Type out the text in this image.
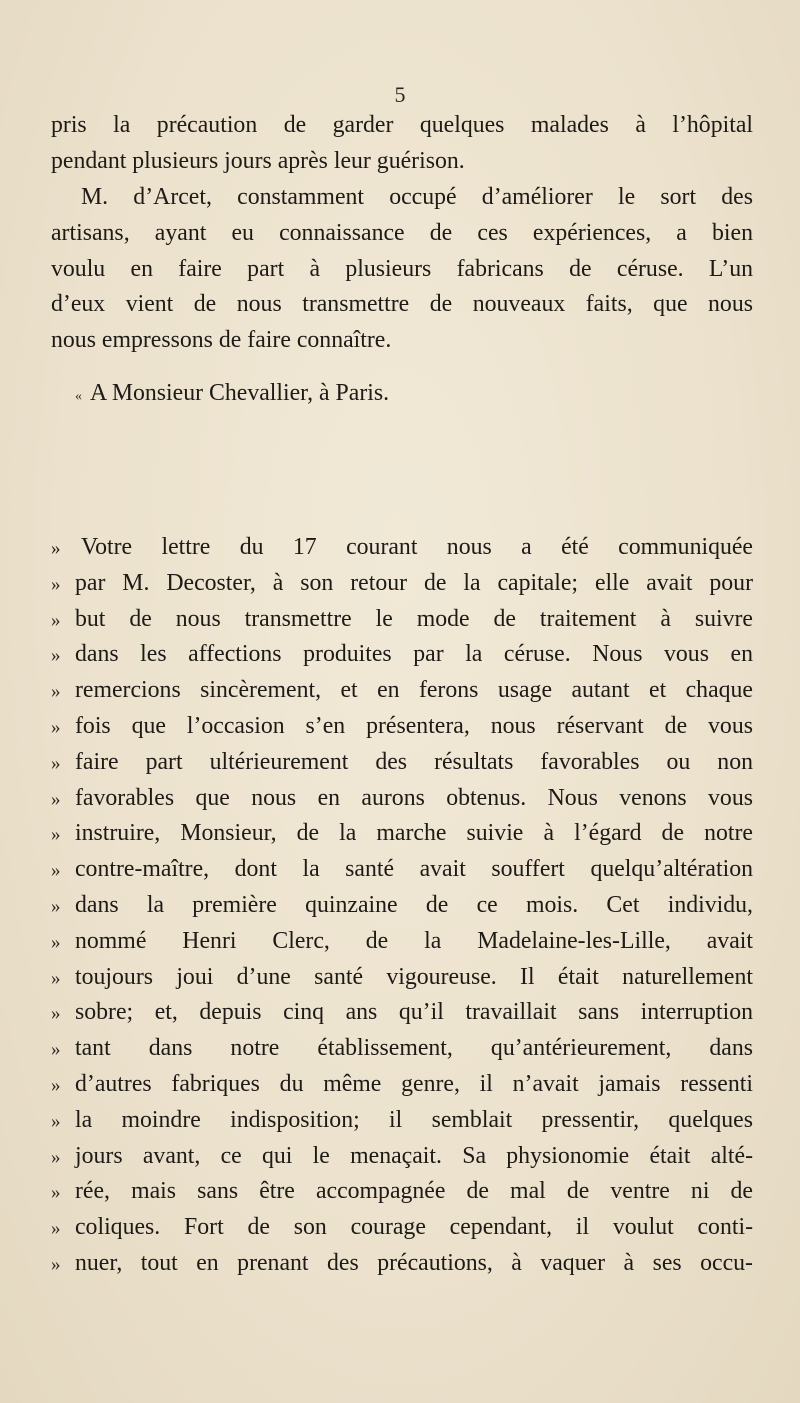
5
pris la précaution de garder quelques malades à l’hôpital
pendant plusieurs jours après leur guérison.
M. d’Arcet, constamment occupé d’améliorer le sort des
artisans, ayant eu connaissance de ces expériences, a bien
voulu en faire part à plusieurs fabricans de céruse. L’un
d’eux vient de nous transmettre de nouveaux faits, que nous
nous empressons de faire connaître.
« A Monsieur Chevallier, à Paris.
» Votre lettre du 17 courant nous a été communiquée
» par M. Decoster, à son retour de la capitale; elle avait pour
» but de nous transmettre le mode de traitement à suivre
» dans les affections produites par la céruse. Nous vous en
» remercions sincèrement, et en ferons usage autant et chaque
» fois que l’occasion s’en présentera, nous réservant de vous
» faire part ultérieurement des résultats favorables ou non
» favorables que nous en aurons obtenus. Nous venons vous
» instruire, Monsieur, de la marche suivie à l’égard de notre
» contre-maître, dont la santé avait souffert quelqu’altération
» dans la première quinzaine de ce mois. Cet individu,
» nommé Henri Clerc, de la Madelaine-les-Lille, avait
» toujours joui d’une santé vigoureuse. Il était naturellement
» sobre; et, depuis cinq ans qu’il travaillait sans interruption
» tant dans notre établissement, qu’antérieurement, dans
» d’autres fabriques du même genre, il n’avait jamais ressenti
» la moindre indisposition; il semblait pressentir, quelques
» jours avant, ce qui le menaçait. Sa physionomie était alté-
» rée, mais sans être accompagnée de mal de ventre ni de
» coliques. Fort de son courage cependant, il voulut conti-
» nuer, tout en prenant des précautions, à vaquer à ses occu-
